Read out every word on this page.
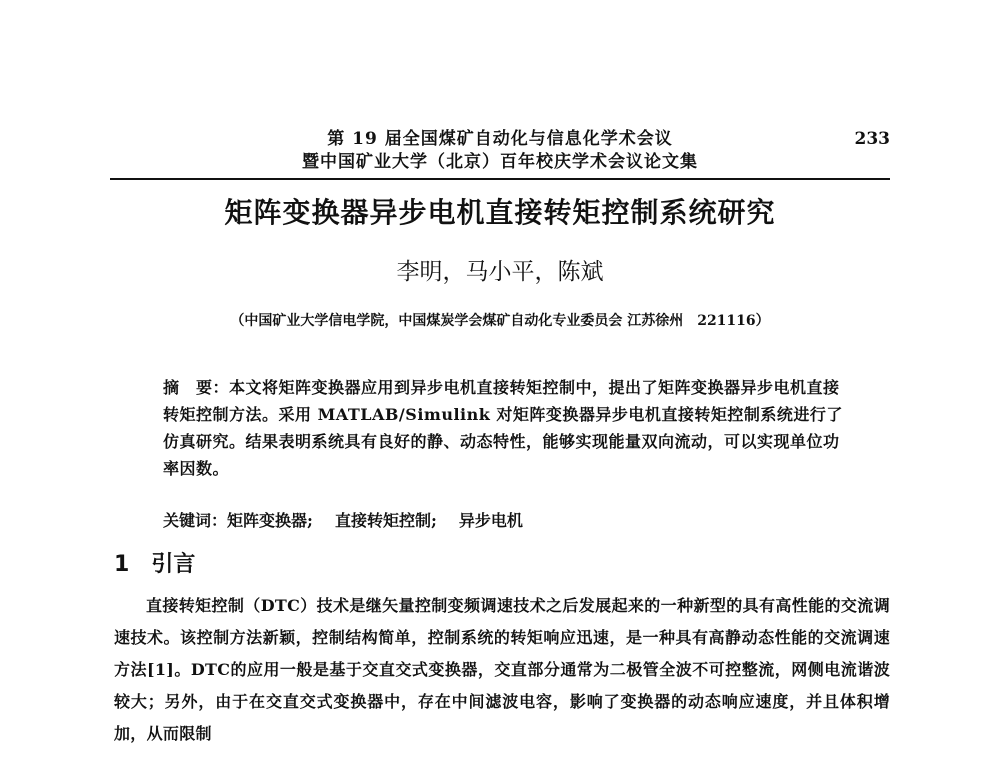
第 19 届全国煤矿自动化与信息化学术会议
暨中国矿业大学（北京）百年校庆学术会议论文集
233
矩阵变换器异步电机直接转矩控制系统研究
李明，马小平，陈斌
（中国矿业大学信电学院，中国煤炭学会煤矿自动化专业委员会 江苏徐州　221116）
摘　要：本文将矩阵变换器应用到异步电机直接转矩控制中，提出了矩阵变换器异步电机直接转矩控制方法。采用 MATLAB/Simulink 对矩阵变换器异步电机直接转矩控制系统进行了仿真研究。结果表明系统具有良好的静、动态特性，能够实现能量双向流动，可以实现单位功率因数。
关键词：矩阵变换器; 直接转矩控制; 异步电机
1 引言
直接转矩控制（DTC）技术是继矢量控制变频调速技术之后发展起来的一种新型的具有高性能的交流调速技术。该控制方法新颖，控制结构简单，控制系统的转矩响应迅速，是一种具有高静动态性能的交流调速方法[1]。DTC的应用一般是基于交直交式变换器，交直部分通常为二极管全波不可控整流，网侧电流谐波较大；另外，由于在交直交式变换器中，存在中间滤波电容，影响了变换器的动态响应速度，并且体积增加，从而限制
